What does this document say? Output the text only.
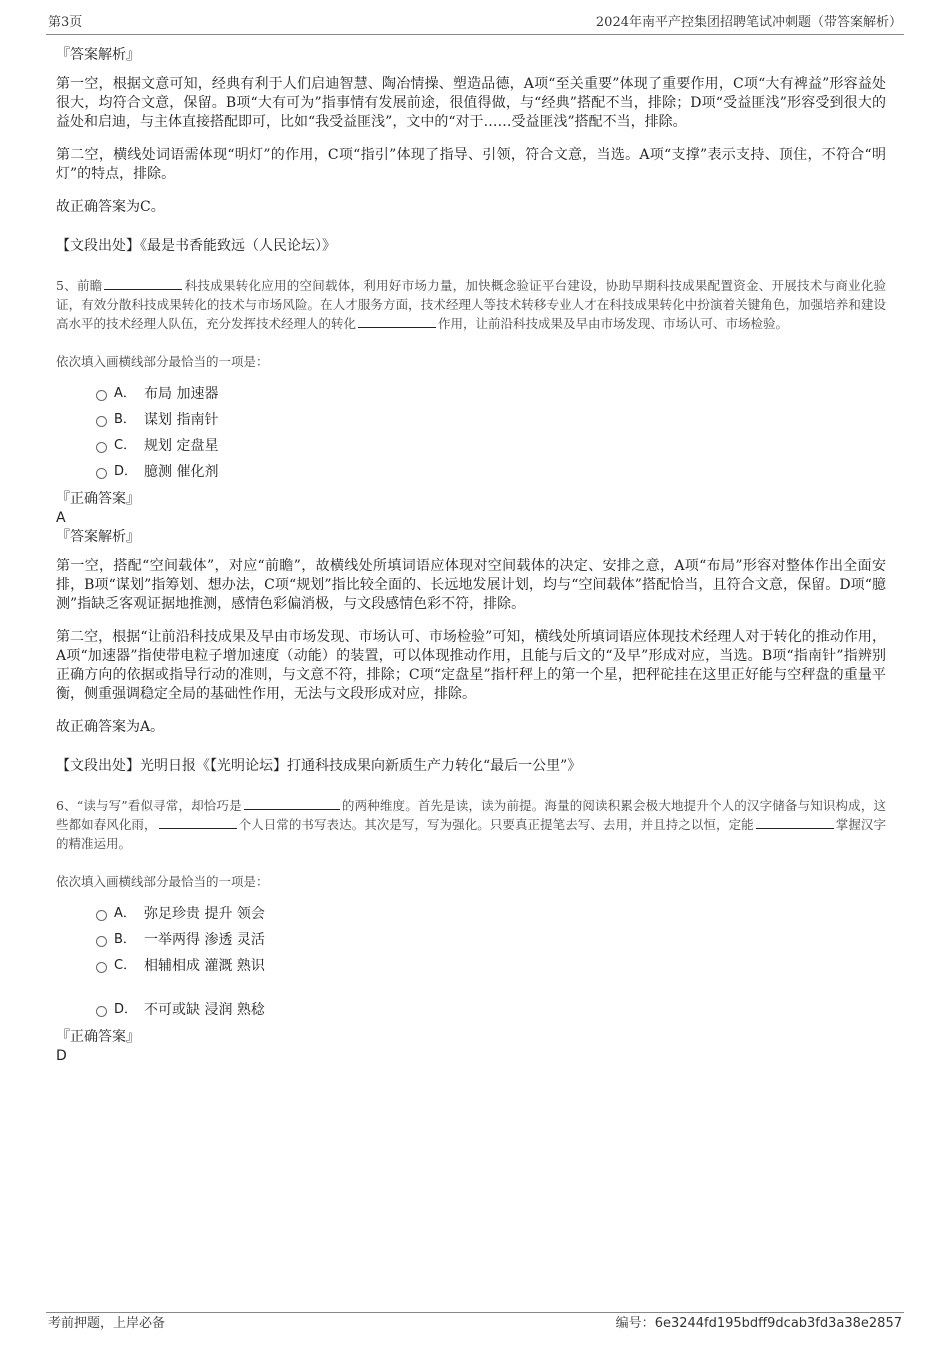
第3页	2024年南平产控集团招聘笔试冲刺题（带答案解析）

『答案解析』

第一空，根据文意可知，经典有利于人们启迪智慧、陶冶情操、塑造品德，A项“至关重要”体现了重要作用，C项“大有裨益”形容益处很大，均符合文意，保留。B项“大有可为”指事情有发展前途，很值得做，与“经典”搭配不当，排除；D项“受益匪浅”形容受到很大的益处和启迪，与主体直接搭配即可，比如“我受益匪浅”，文中的“对于……受益匪浅”搭配不当，排除。

第二空，横线处词语需体现“明灯”的作用，C项“指引”体现了指导、引领，符合文意，当选。A项“支撑”表示支持、顶住，不符合“明灯”的特点，排除。

故正确答案为C。

【文段出处】《最是书香能致远（人民论坛）》

5、前瞻	科技成果转化应用的空间载体，利用好市场力量，加快概念验证平台建设，协助早期科技成果配置资金、开展技术与商业化验证，有效分散科技成果转化的技术与市场风险。在人才服务方面，技术经理人等技术转移专业人才在科技成果转化中扮演着关键角色，加强培养和建设高水平的技术经理人队伍，充分发挥技术经理人的转化	作用，让前沿科技成果及早由市场发现、市场认可、市场检验。

依次填入画横线部分最恰当的一项是：

A． 布局 加速器
B． 谋划 指南针
C． 规划 定盘星
D． 臆测 催化剂

『正确答案』

A

『答案解析』

第一空，搭配“空间载体”，对应“前瞻”，故横线处所填词语应体现对空间载体的决定、安排之意，A项“布局”形容对整体作出全面安排，B项“谋划”指筹划、想办法，C项“规划”指比较全面的、长远地发展计划，均与“空间载体”搭配恰当，且符合文意，保留。D项“臆测”指缺乏客观证据地推测，感情色彩偏消极，与文段感情色彩不符，排除。

第二空，根据“让前沿科技成果及早由市场发现、市场认可、市场检验”可知，横线处所填词语应体现技术经理人对于转化的推动作用，A项“加速器”指使带电粒子增加速度（动能）的装置，可以体现推动作用，且能与后文的“及早”形成对应，当选。B项“指南针”指辨别正确方向的依据或指导行动的准则，与文意不符，排除；C项“定盘星”指杆秤上的第一个星，把秤砣挂在这里正好能与空秤盘的重量平衡，侧重强调稳定全局的基础性作用，无法与文段形成对应，排除。

故正确答案为A。

【文段出处】光明日报《【光明论坛】打通科技成果向新质生产力转化“最后一公里”》

6、“读与写”看似寻常，却恰巧是	的两种维度。首先是读，读为前提。海量的阅读积累会极大地提升个人的汉字储备与知识构成，这些都如春风化雨，	个人日常的书写表达。其次是写，写为强化。只要真正提笔去写、去用，并且持之以恒，定能	掌握汉字的精准运用。

依次填入画横线部分最恰当的一项是：

A． 弥足珍贵 提升 领会
B． 一举两得 渗透 灵活
C． 相辅相成 灌溉 熟识
D． 不可或缺 浸润 熟稔

『正确答案』

D

考前押题，上岸必备	编号：6e3244fd195bdff9dcab3fd3a38e2857
